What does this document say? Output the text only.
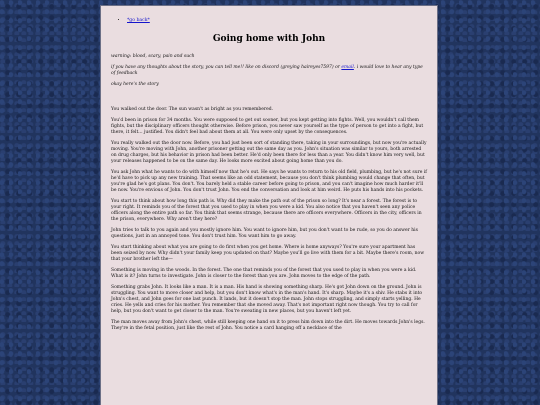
• *go back*
Going home with John

warning: blood, scary, pain and such

if you have any thoughts about the story, you can tell me!! like on discord (greying haireyes7597) or email. i would love to hear any type of feedback

okay here's the story

You walked out the door. The sun wasn't as bright as you remembered.

You'd been in prison for 34 months. You were supposed to get out sooner, but you kept getting into fights. Well, you wouldn't call them fights, but the disciplinary officers thought otherwise. Before prison, you never saw yourself as the type of person to get into a fight, but there, it felt... justified. You didn't feel bad about them at all. You were only upset by the consequences.

You really walked out the door now. Before, you had just been sort of standing there, taking in your surroundings, but now you're actually moving. You're moving with John, another prisoner getting out the same day as you. John's situation was similar to yours, both arrested on drug charges, but his behavior in prison had been better. He'd only been there for less than a year. You didn't know him very well, but your releases happened to be on the same day. He looks more excited about going home than you do.

You ask John what he wants to do with himself now that he's out. He says he wants to return to his old field, plumbing, but he's not sure if he'd have to pick up any new training. That seems like an odd statement, because you don't think plumbing would change that often, but you're glad he's got plans. You don't. You barely held a stable career before going to prison, and you can't imagine how much harder it'll be now. You're envious of John. You don't trust John. You end the conversation and look at him weird. He puts his hands into his pockets.

You start to think about how long this path is. Why did they make the path out of the prison so long? It's near a forest. The forest is to your right. It reminds you of the forest that you used to play in when you were a kid. You also notice that you haven't seen any police officers along the entire path so far. You think that seems strange, because there are officers everywhere. Officers in the city, officers in the prison, everywhere. Why aren't they here?

John tries to talk to you again and you mostly ignore him. You want to ignore him, but you don't want to be rude, so you do answer his questions, just in an annoyed tone. You don't trust him. You want him to go away.

You start thinking about what you are going to do first when you get home. Where is home anyways? You're sure your apartment has been seized by now. Why didn't your family keep you updated on that? Maybe you'll go live with them for a bit. Maybe there's room, now that your brother left the—

Something is moving in the woods. In the forest. The one that reminds you of the forest that you used to play in when you were a kid. What is it? John turns to investigate. John is closer to the forest than you are. John moves to the edge of the path.

Something grabs John. It looks like a man. It is a man. His hand is showing something sharp. He's got John down on the ground. John is struggling. You want to move closer and help, but you don't know what's in the man's hand. It's sharp. Maybe it's a shiv. He stabs it into John's chest, and John goes for one last punch. It lands, but it doesn't stop the man. John stops struggling, and simply starts yelling. He cries. He yells and cries for his mother. You remember that she moved away. That's not important right now though. You try to call for help, but you don't want to get closer to the man. You're sweating in new places, but you haven't left yet.

The man moves away from John's chest, while still keeping one hand on it to press him down into the dirt. He moves towards John's legs. They're in the fetal position, just like the rest of John. You notice a card hanging off a necklace of the
